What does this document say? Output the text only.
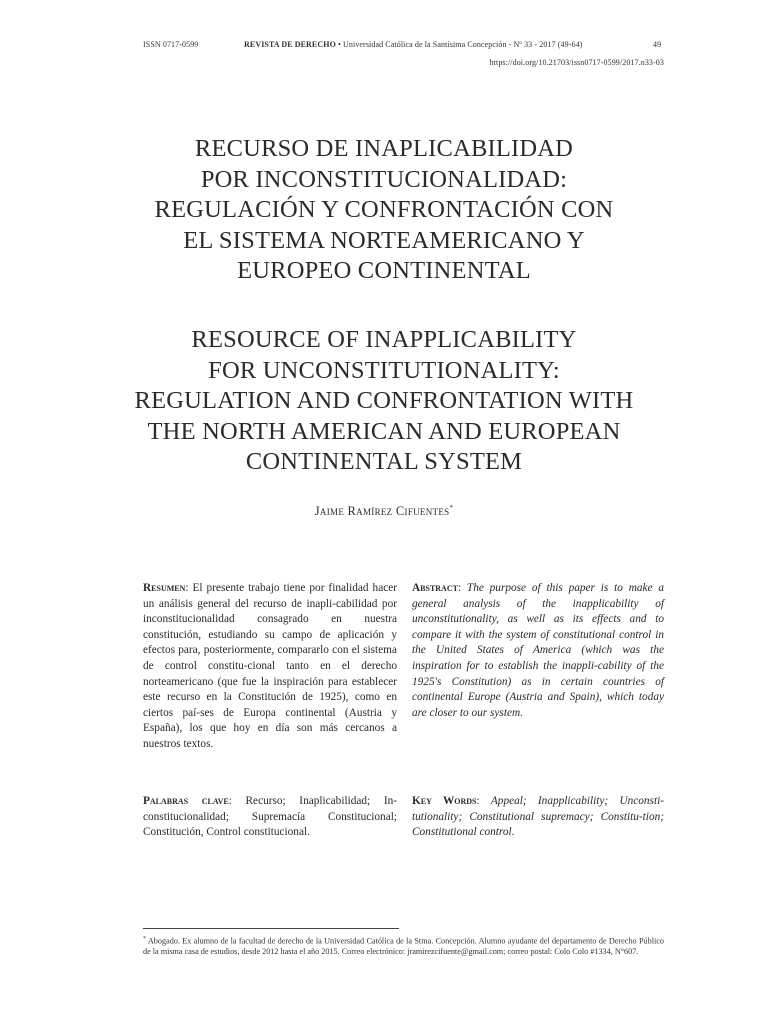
ISSN 0717-0599	REVISTA DE DERECHO • Universidad Católica de la Santísima Concepción - Nº 33 - 2017 (49-64)	49
https://doi.org/10.21703/issn0717-0599/2017.n33-03
RECURSO DE INAPLICABILIDAD
POR INCONSTITUCIONALIDAD:
REGULACIÓN Y CONFRONTACIÓN CON
EL SISTEMA NORTEAMERICANO Y
EUROPEO CONTINENTAL
RESOURCE OF INAPPLICABILITY
FOR UNCONSTITUTIONALITY:
REGULATION AND CONFRONTATION WITH
THE NORTH AMERICAN AND EUROPEAN
CONTINENTAL SYSTEM
Jaime Ramírez Cifuentes*
Resumen: El presente trabajo tiene por finalidad hacer un análisis general del recurso de inapli-cabilidad por inconstitucionalidad consagrado en nuestra constitución, estudiando su campo de aplicación y efectos para, posteriormente, compararlo con el sistema de control constitu-cional tanto en el derecho norteamericano (que fue la inspiración para establecer este recurso en la Constitución de 1925), como en ciertos paí-ses de Europa continental (Austria y España), los que hoy en día son más cercanos a nuestros textos.
Abstract: The purpose of this paper is to make a general analysis of the inapplicability of unconstitutionality, as well as its effects and to compare it with the system of constitutional control in the United States of America (which was the inspiration for to establish the inappli-cability of the 1925's Constitution) as in certain countries of continental Europe (Austria and Spain), which today are closer to our system.
Palabras clave: Recurso; Inaplicabilidad; In-constitucionalidad; Supremacía Constitucional; Constitución, Control constitucional.
Key Words: Appeal; Inapplicability; Unconsti-tutionality; Constitutional supremacy; Constitu-tion; Constitutional control.
* Abogado. Ex alumno de la facultad de derecho de la Universidad Católica de la Stma. Concepción. Alumno ayudante del departamento de Derecho Público de la misma casa de estudios, desde 2012 hasta el año 2015. Correo electrónico: jramirezcifuente@gmail.com; correo postal: Colo Colo #1334, N°607.
